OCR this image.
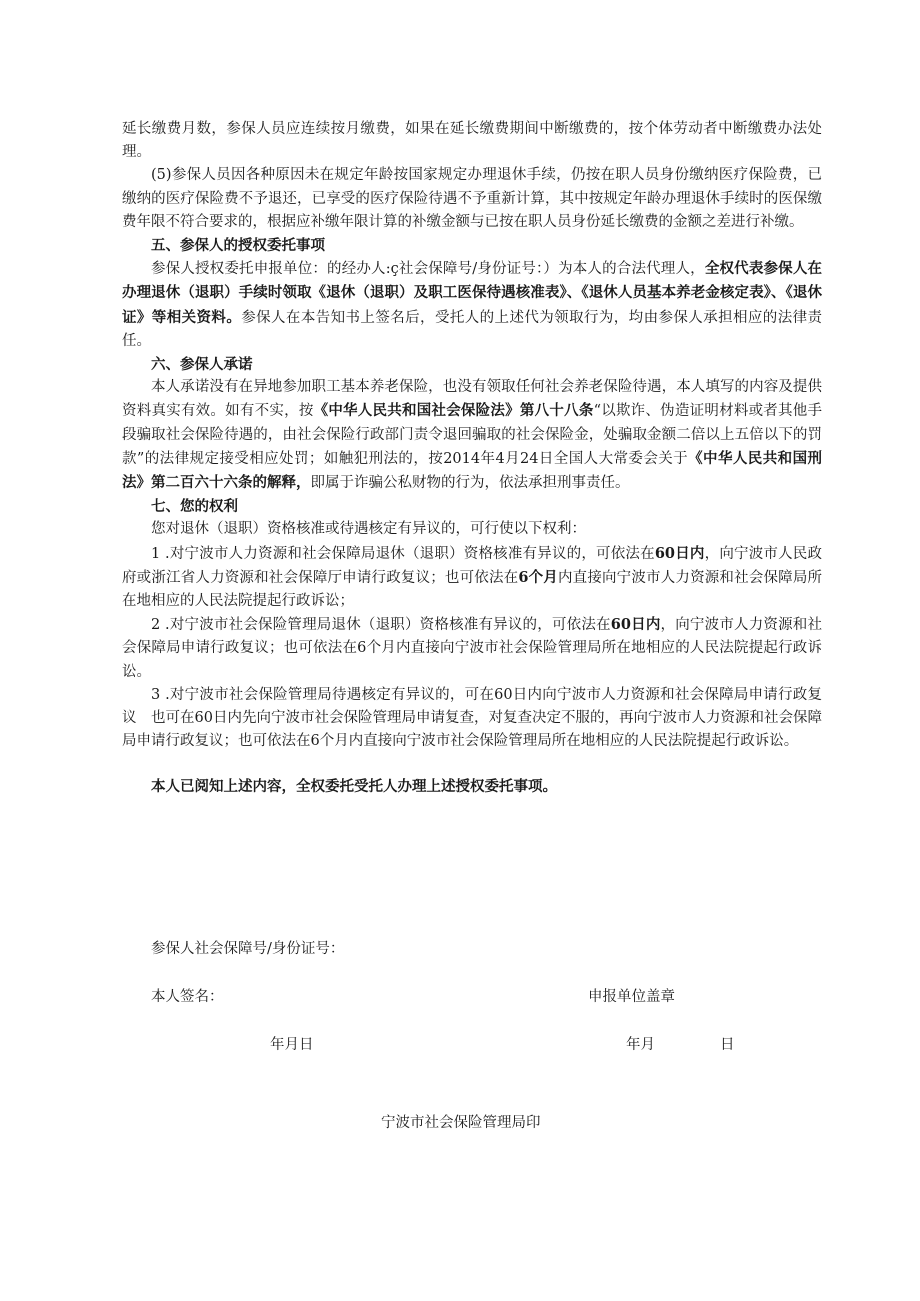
延长缴费月数，参保人员应连续按月缴费，如果在延长缴费期间中断缴费的，按个体劳动者中断缴费办法处理。

(5)参保人员因各种原因未在规定年龄按国家规定办理退休手续，仍按在职人员身份缴纳医疗保险费，已缴纳的医疗保险费不予退还，已享受的医疗保险待遇不予重新计算，其中按规定年龄办理退休手续时的医保缴费年限不符合要求的，根据应补缴年限计算的补缴金额与已按在职人员身份延长缴费的金额之差进行补缴。

五、参保人的授权委托事项

参保人授权委托申报单位：的经办人:ç社会保障号/身份证号：）为本人的合法代理人，全权代表参保人在办理退休（退职）手续时领取《退休（退职）及职工医保待遇核准表》、《退休人员基本养老金核定表》、《退休证》等相关资料。参保人在本告知书上签名后，受托人的上述代为领取行为，均由参保人承担相应的法律责任。

六、参保人承诺

本人承诺没有在异地参加职工基本养老保险，也没有领取任何社会养老保险待遇，本人填写的内容及提供资料真实有效。如有不实，按《中华人民共和国社会保险法》第八十八条“以欺诈、伪造证明材料或者其他手段骗取社会保险待遇的，由社会保险行政部门责令退回骗取的社会保险金，处骗取金额二倍以上五倍以下的罚款”的法律规定接受相应处罚；如触犯刑法的，按2014年4月24日全国人大常委会关于《中华人民共和国刑法》第二百六十六条的解释，即属于诈骗公私财物的行为，依法承担刑事责任。

七、您的权利

您对退休（退职）资格核准或待遇核定有异议的，可行使以下权利：

1 .对宁波市人力资源和社会保障局退休（退职）资格核准有异议的，可依法在60日内，向宁波市人民政府或浙江省人力资源和社会保障厅申请行政复议；也可依法在6个月内直接向宁波市人力资源和社会保障局所在地相应的人民法院提起行政诉讼；

2 .对宁波市社会保险管理局退休（退职）资格核准有异议的，可依法在60日内，向宁波市人力资源和社会保障局申请行政复议；也可依法在6个月内直接向宁波市社会保险管理局所在地相应的人民法院提起行政诉讼。

3 .对宁波市社会保险管理局待遇核定有异议的，可在60日内向宁波市人力资源和社会保障局申请行政复议　也可在60日内先向宁波市社会保险管理局申请复查，对复查决定不服的，再向宁波市人力资源和社会保障局申请行政复议；也可依法在6个月内直接向宁波市社会保险管理局所在地相应的人民法院提起行政诉讼。

本人已阅知上述内容，全权委托受托人办理上述授权委托事项。

参保人社会保障号/身份证号：
本人签名：	申报单位盖章
年月日	年月	日
宁波市社会保险管理局印
